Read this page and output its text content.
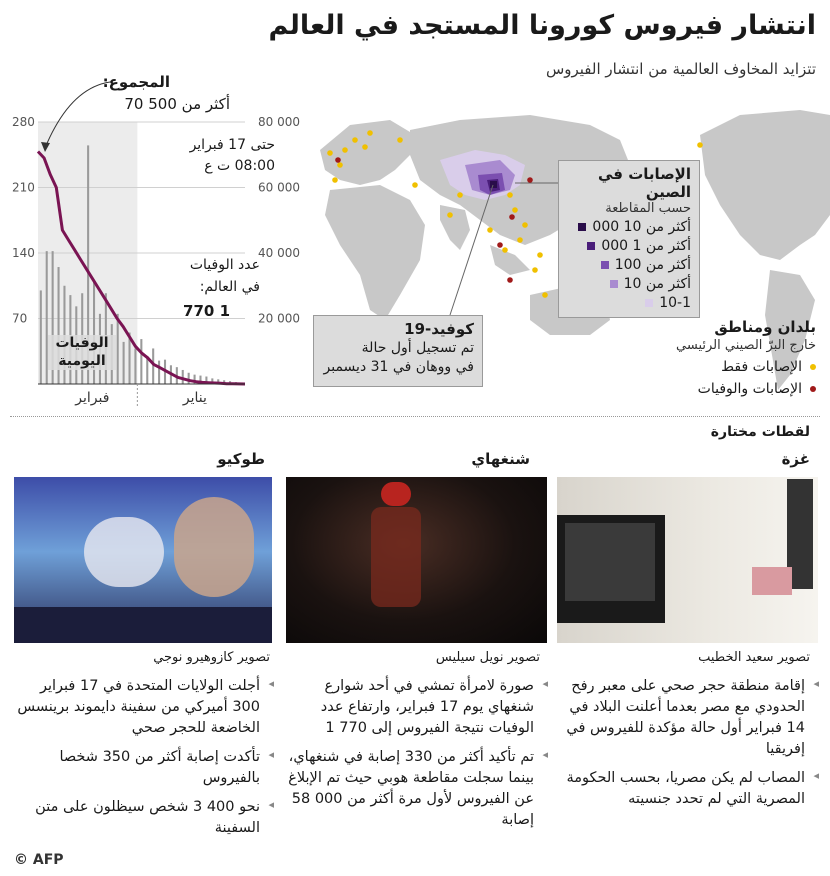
انتشار فيروس كورونا المستجد في العالم
تتزايد المخاوف العالمية من انتشار الفيروس
70
140
210
280
20 000
40 000
60 000
80 000
فبراير	يناير
المجموع:
أكثر من 500 70
حتى 17 فبراير
08:00 ت ع
عدد الوفيات
في العالم:
1 770
الوفيات اليومية
الإصابات في الصين
حسب المقاطعة
أكثر من 10 000
أكثر من 1 000
أكثر من 100
أكثر من 10
10-1
كوفيد-19
تم تسجيل أول حالة
في ووهان في 31 ديسمبر
بلدان ومناطق
خارج البرّ الصيني الرئيسي
الإصابات فقط
الإصابات والوفيات
لقطات مختارة
غزة
شنغهاي
طوكيو
تصوير سعيد الخطيب
تصوير نويل سيليس
تصوير كازوهيرو نوجي
◂ إقامة منطقة حجر صحي على معبر رفح الحدودي مع مصر بعدما أعلنت البلاد في 14 فبراير أول حالة مؤكدة للفيروس في إفريقيا
◂ المصاب لم يكن مصريا، بحسب الحكومة المصرية التي لم تحدد جنسيته
◂ صورة لامرأة تمشي في أحد شوارع شنغهاي يوم 17 فبراير، وارتفاع عدد الوفيات نتيجة الفيروس إلى 770 1
◂ تم تأكيد أكثر من 330 إصابة في شنغهاي، بينما سجلت مقاطعة هوبي حيث تم الإبلاغ عن الفيروس لأول مرة أكثر من 000 58 إصابة
◂ أجلت الولايات المتحدة في 17 فبراير 300 أميركي من سفينة دايموند برينسس الخاضعة للحجر صحي
◂ تأكدت إصابة أكثر من 350 شخصا بالفيروس
◂ نحو 400 3 شخص سيظلون على متن السفينة
© AFP
